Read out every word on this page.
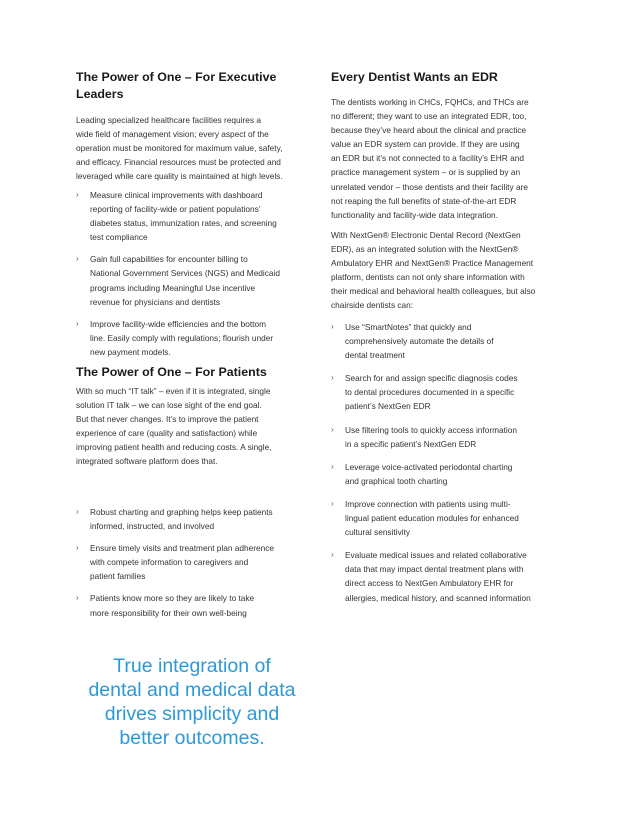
The Power of One – For Executive Leaders

Leading specialized healthcare facilities requires a
wide field of management vision; every aspect of the
operation must be monitored for maximum value, safety,
and efficacy. Financial resources must be protected and
leveraged while care quality is maintained at high levels.

› Measure clinical improvements with dashboard
reporting of facility-wide or patient populations’
diabetes status, immunization rates, and screening
test compliance
› Gain full capabilities for encounter billing to
National Government Services (NGS) and Medicaid
programs including Meaningful Use incentive
revenue for physicians and dentists
› Improve facility-wide efficiencies and the bottom
line. Easily comply with regulations; flourish under
new payment models.
The Power of One – For Patients

With so much “IT talk” – even if it is integrated, single
solution IT talk – we can lose sight of the end goal.
But that never changes. It’s to improve the patient
experience of care (quality and satisfaction) while
improving patient health and reducing costs. A single,
integrated software platform does that.

› Robust charting and graphing helps keep patients
informed, instructed, and involved
› Ensure timely visits and treatment plan adherence
with compete information to caregivers and
patient families
› Patients know more so they are likely to take
more responsibility for their own well-being
True integration of
dental and medical data
drives simplicity and
better outcomes.
Every Dentist Wants an EDR

The dentists working in CHCs, FQHCs, and THCs are
no different; they want to use an integrated EDR, too,
because they’ve heard about the clinical and practice
value an EDR system can provide. If they are using
an EDR but it’s not connected to a facility’s EHR and
practice management system – or is supplied by an
unrelated vendor – those dentists and their facility are
not reaping the full benefits of state-of-the-art EDR
functionality and facility-wide data integration.

With NextGen® Electronic Dental Record (NextGen
EDR), as an integrated solution with the NextGen®
Ambulatory EHR and NextGen® Practice Management
platform, dentists can not only share information with
their medical and behavioral health colleagues, but also
chairside dentists can:

› Use “SmartNotes” that quickly and
comprehensively automate the details of
dental treatment
› Search for and assign specific diagnosis codes
to dental procedures documented in a specific
patient’s NextGen EDR
› Use filtering tools to quickly access information
in a specific patient’s NextGen EDR
› Leverage voice-activated periodontal charting
and graphical tooth charting
› Improve connection with patients using multi-
lingual patient education modules for enhanced
cultural sensitivity
› Evaluate medical issues and related collaborative
data that may impact dental treatment plans with
direct access to NextGen Ambulatory EHR for
allergies, medical history, and scanned information
